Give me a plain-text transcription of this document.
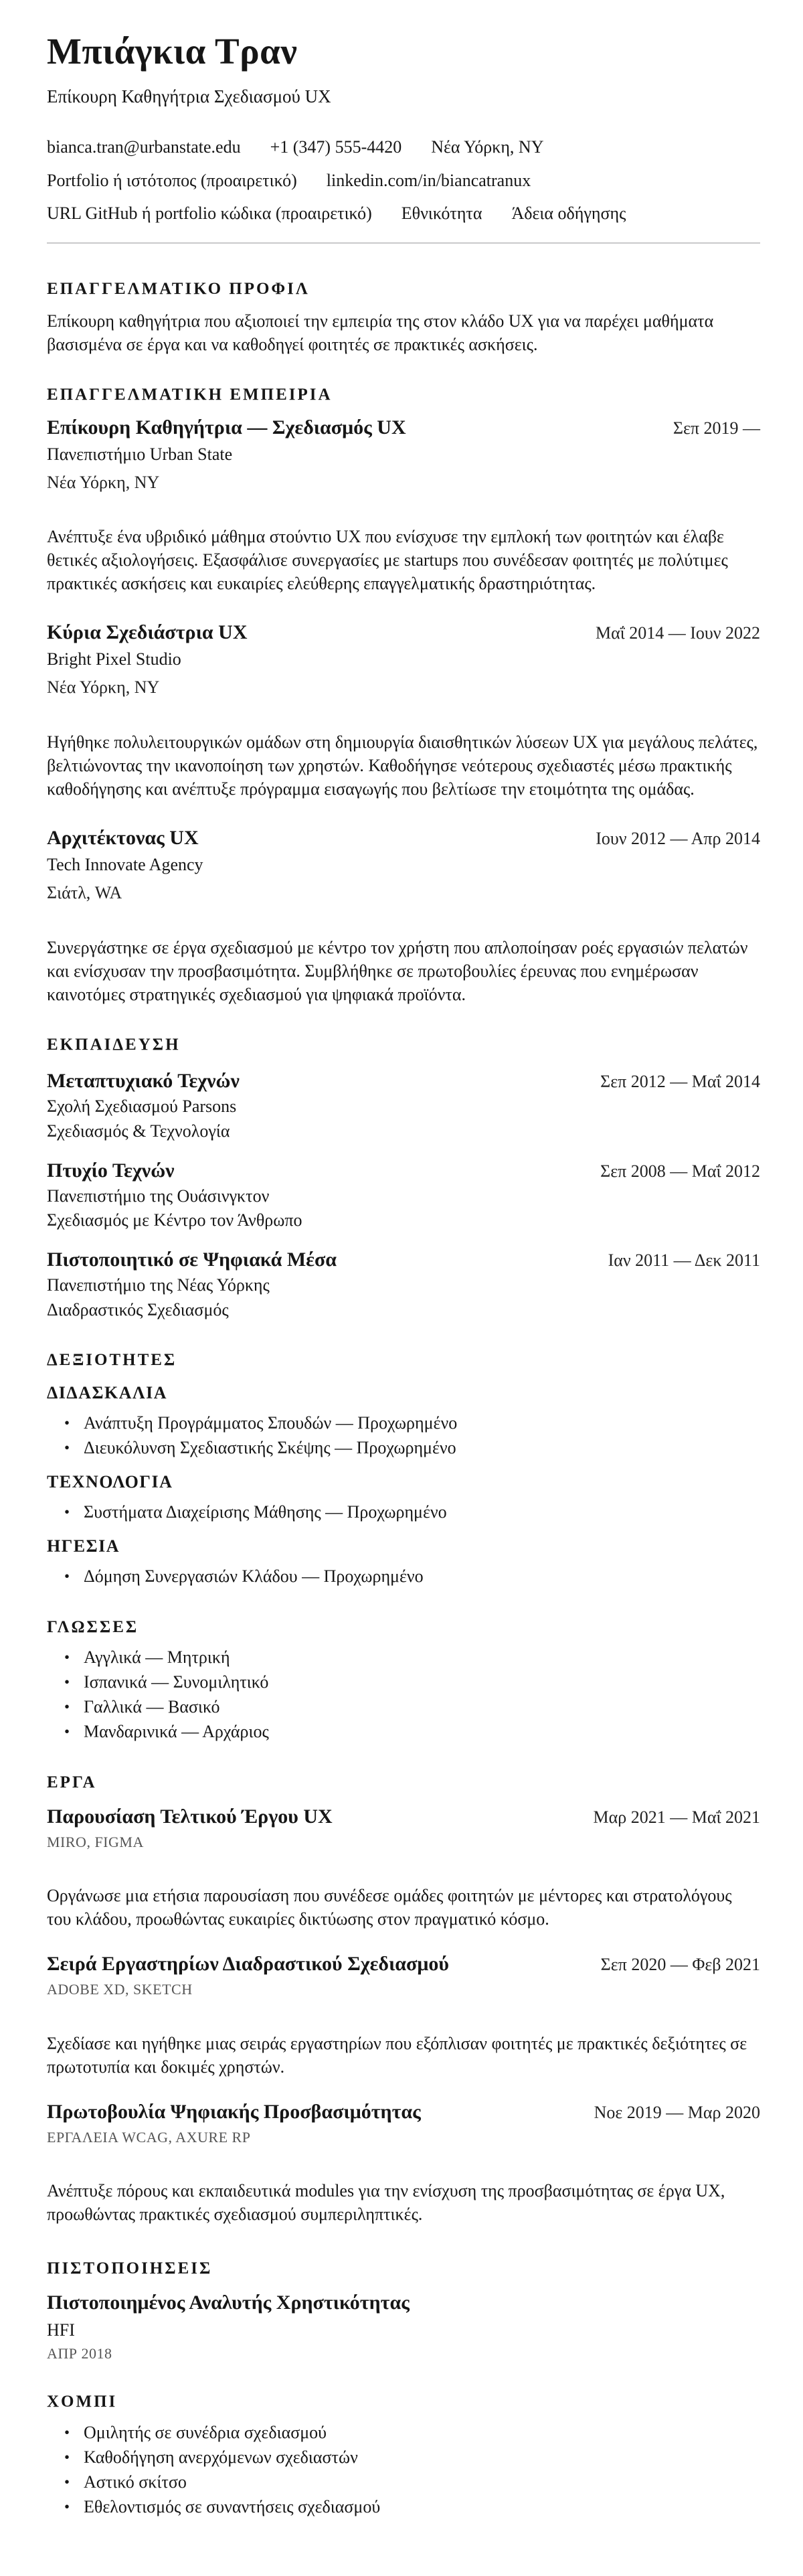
Μπιάγκια Τραν
Επίκουρη Καθηγήτρια Σχεδιασμού UX
bianca.tran@urbanstate.edu +1 (347) 555-4420 Νέα Υόρκη, NY
Portfolio ή ιστότοπος (προαιρετικό) linkedin.com/in/biancatranux
URL GitHub ή portfolio κώδικα (προαιρετικό) Εθνικότητα Άδεια οδήγησης
ΕΠΑΓΓΕΛΜΑΤΙΚΟ ΠΡΟΦΙΛ

Επίκουρη καθηγήτρια που αξιοποιεί την εμπειρία της στον κλάδο UX για να παρέχει μαθήματα βασισμένα σε έργα και να καθοδηγεί φοιτητές σε πρακτικές ασκήσεις.

ΕΠΑΓΓΕΛΜΑΤΙΚΗ ΕΜΠΕΙΡΙΑ
Επίκουρη Καθηγήτρια — Σχεδιασμός UX	Σεπ 2019 —
Πανεπιστήμιο Urban State
Νέα Υόρκη, NY

Ανέπτυξε ένα υβριδικό μάθημα στούντιο UX που ενίσχυσε την εμπλοκή των φοιτητών και έλαβε θετικές αξιολογήσεις. Εξασφάλισε συνεργασίες με startups που συνέδεσαν φοιτητές με πολύτιμες πρακτικές ασκήσεις και ευκαιρίες ελεύθερης επαγγελματικής δραστηριότητας.

Κύρια Σχεδιάστρια UX	Μαΐ 2014 — Ιουν 2022
Bright Pixel Studio
Νέα Υόρκη, NY

Ηγήθηκε πολυλειτουργικών ομάδων στη δημιουργία διαισθητικών λύσεων UX για μεγάλους πελάτες, βελτιώνοντας την ικανοποίηση των χρηστών. Καθοδήγησε νεότερους σχεδιαστές μέσω πρακτικής καθοδήγησης και ανέπτυξε πρόγραμμα εισαγωγής που βελτίωσε την ετοιμότητα της ομάδας.

Αρχιτέκτονας UX	Ιουν 2012 — Απρ 2014
Tech Innovate Agency
Σιάτλ, WA

Συνεργάστηκε σε έργα σχεδιασμού με κέντρο τον χρήστη που απλοποίησαν ροές εργασιών πελατών και ενίσχυσαν την προσβασιμότητα. Συμβλήθηκε σε πρωτοβουλίες έρευνας που ενημέρωσαν καινοτόμες στρατηγικές σχεδιασμού για ψηφιακά προϊόντα.

ΕΚΠΑΙΔΕΥΣΗ
Μεταπτυχιακό Τεχνών	Σεπ 2012 — Μαΐ 2014
Σχολή Σχεδιασμού Parsons
Σχεδιασμός & Τεχνολογία
Πτυχίο Τεχνών	Σεπ 2008 — Μαΐ 2012
Πανεπιστήμιο της Ουάσινγκτον
Σχεδιασμός με Κέντρο τον Άνθρωπο
Πιστοποιητικό σε Ψηφιακά Μέσα	Ιαν 2011 — Δεκ 2011
Πανεπιστήμιο της Νέας Υόρκης
Διαδραστικός Σχεδιασμός
ΔΕΞΙΟΤΗΤΕΣ
ΔΙΔΑΣΚΑΛΙΑ
• Ανάπτυξη Προγράμματος Σπουδών — Προχωρημένο
• Διευκόλυνση Σχεδιαστικής Σκέψης — Προχωρημένο
ΤΕΧΝΟΛΟΓΙΑ
• Συστήματα Διαχείρισης Μάθησης — Προχωρημένο
ΗΓΕΣΙΑ
• Δόμηση Συνεργασιών Κλάδου — Προχωρημένο
ΓΛΩΣΣΕΣ
• Αγγλικά — Μητρική
• Ισπανικά — Συνομιλητικό
• Γαλλικά — Βασικό
• Μανδαρινικά — Αρχάριος
ΕΡΓΑ
Παρουσίαση Τελτικού Έργου UX	Μαρ 2021 — Μαΐ 2021
MIRO, FIGMA

Οργάνωσε μια ετήσια παρουσίαση που συνέδεσε ομάδες φοιτητών με μέντορες και στρατολόγους του κλάδου, προωθώντας ευκαιρίες δικτύωσης στον πραγματικό κόσμο.

Σειρά Εργαστηρίων Διαδραστικού Σχεδιασμού	Σεπ 2020 — Φεβ 2021
ADOBE XD, SKETCH

Σχεδίασε και ηγήθηκε μιας σειράς εργαστηρίων που εξόπλισαν φοιτητές με πρακτικές δεξιότητες σε πρωτοτυπία και δοκιμές χρηστών.

Πρωτοβουλία Ψηφιακής Προσβασιμότητας	Νοε 2019 — Μαρ 2020
ΕΡΓΑΛΕΙΑ WCAG, AXURE RP

Ανέπτυξε πόρους και εκπαιδευτικά modules για την ενίσχυση της προσβασιμότητας σε έργα UX, προωθώντας πρακτικές σχεδιασμού συμπεριληπτικές.

ΠΙΣΤΟΠΟΙΗΣΕΙΣ
Πιστοποιημένος Αναλυτής Χρηστικότητας
HFI
ΑΠΡ 2018
ΧΟΜΠΙ
• Ομιλητής σε συνέδρια σχεδιασμού
• Καθοδήγηση ανερχόμενων σχεδιαστών
• Αστικό σκίτσο
• Εθελοντισμός σε συναντήσεις σχεδιασμού
